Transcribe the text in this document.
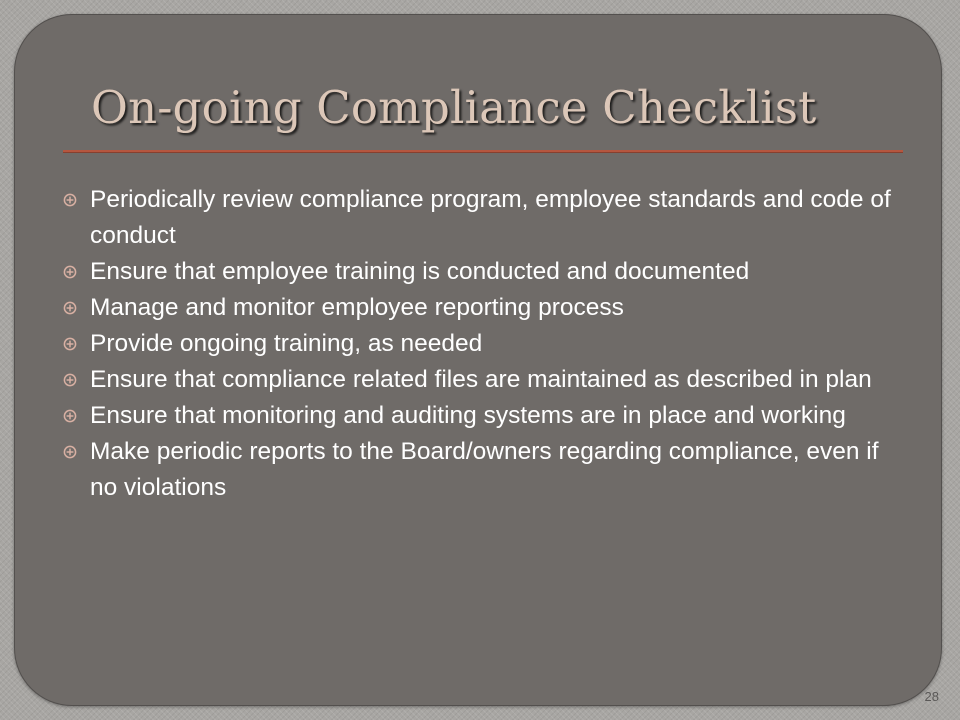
On-going Compliance Checklist
Periodically review compliance program, employee standards and code of conduct
Ensure that employee training is conducted and documented
Manage and monitor employee reporting process
Provide ongoing training, as needed
Ensure that compliance related files are maintained as described in plan
Ensure that monitoring and auditing systems are in place and working
Make periodic reports to the Board/owners regarding compliance, even if no violations
28
